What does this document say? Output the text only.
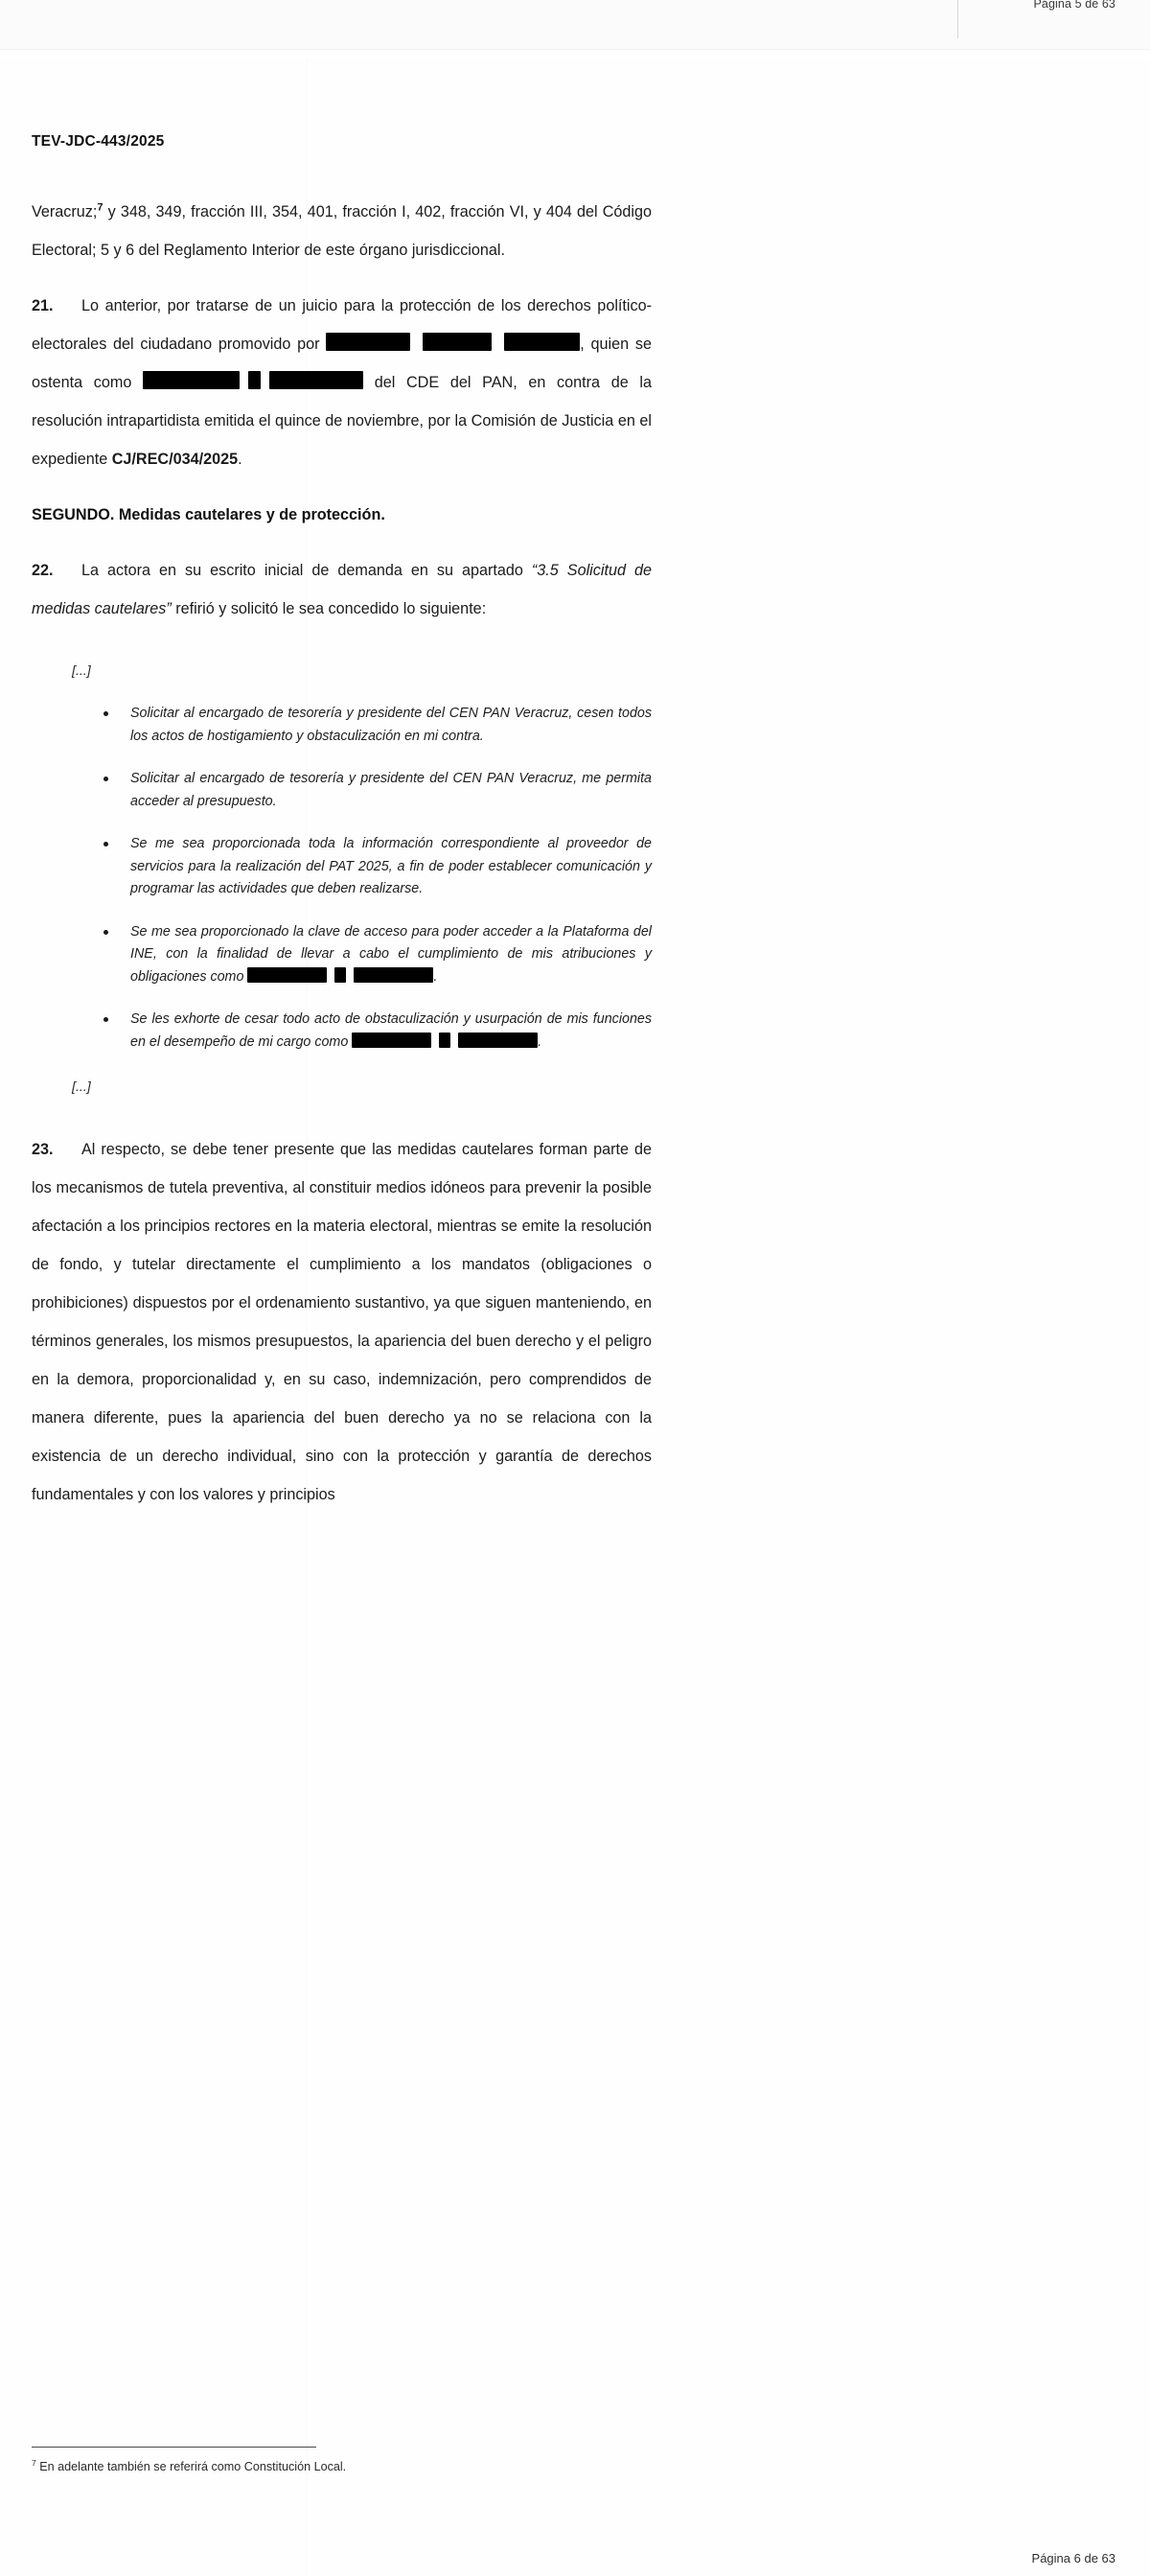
Página 5 de 63
TEV-JDC-443/2025

Veracruz;$^7$ y 348, 349, fracción III, 354, 401, fracción I, 402, fracción VI, y 404 del Código Electoral; 5 y 6 del Reglamento Interior de este órgano jurisdiccional.

21. Lo anterior, por tratarse de un juicio para la protección de los derechos político-electorales del ciudadano promovido por	, quien se ostenta como	del CDE del PAN, en contra de la resolución intrapartidista emitida el quince de noviembre, por la Comisión de Justicia en el expediente CJ/REC/034/2025.

SEGUNDO. Medidas cautelares y de protección.

22. La actora en su escrito inicial de demanda en su apartado “3.5 Solicitud de medidas cautelares” refirió y solicitó le sea concedido lo siguiente:

[...]
Solicitar al encargado de tesorería y presidente del CEN PAN Veracruz, cesen todos los actos de hostigamiento y obstaculización en mi contra.
Solicitar al encargado de tesorería y presidente del CEN PAN Veracruz, me permita acceder al presupuesto.
Se me sea proporcionada toda la información correspondiente al proveedor de servicios para la realización del PAT 2025, a fin de poder establecer comunicación y programar las actividades que deben realizarse.
Se me sea proporcionado la clave de acceso para poder acceder a la Plataforma del INE, con la finalidad de llevar a cabo el cumplimiento de mis atribuciones y obligaciones como	.
Se les exhorte de cesar todo acto de obstaculización y usurpación de mis funciones en el desempeño de mi cargo como	.
[...]

23. Al respecto, se debe tener presente que las medidas cautelares forman parte de los mecanismos de tutela preventiva, al constituir medios idóneos para prevenir la posible afectación a los principios rectores en la materia electoral, mientras se emite la resolución de fondo, y tutelar directamente el cumplimiento a los mandatos (obligaciones o prohibiciones) dispuestos por el ordenamiento sustantivo, ya que siguen manteniendo, en términos generales, los mismos presupuestos, la apariencia del buen derecho y el peligro en la demora, proporcionalidad y, en su caso, indemnización, pero comprendidos de manera diferente, pues la apariencia del buen derecho ya no se relaciona con la existencia de un derecho individual, sino con la protección y garantía de derechos fundamentales y con los valores y principios

$^7$ En adelante también se referirá como Constitución Local.
Página 6 de 63
